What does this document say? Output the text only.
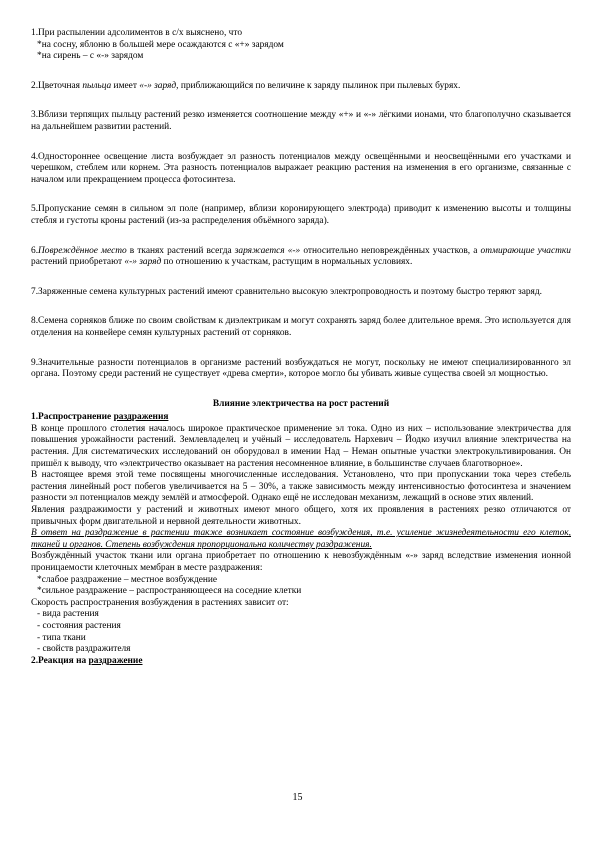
1.При распылении адсолиментов в с/х выяснено, что
*на сосну, яблоню в большей мере осаждаются с «+» зарядом
*на сирень – с «-» зарядом
2.Цветочная пыльца имеет «-» заряд, приближающийся по величине к заряду пылинок при пылевых бурях.
3.Вблизи терпящих пыльцу растений резко изменяется соотношение между «+» и «-» лёгкими ионами, что благополучно сказывается на дальнейшем развитии растений.
4.Одностороннее освещение листа возбуждает эл разность потенциалов между освещёнными и неосвещёнными его участками и черешком, стеблем или корнем. Эта разность потенциалов выражает реакцию растения на изменения в его организме, связанные с началом или прекращением процесса фотосинтеза.
5.Пропускание семян в сильном эл поле (например, вблизи коронирующего электрода) приводит к изменению высоты и толщины стебля и густоты кроны растений (из-за распределения объёмного заряда).
6.Повреждённое место в тканях растений всегда заряжается «-» относительно неповреждённых участков, а отмирающие участки растений приобретают «-» заряд по отношению к участкам, растущим в нормальных условиях.
7.Заряженные семена культурных растений имеют сравнительно высокую электропроводность и поэтому быстро теряют заряд.
8.Семена сорняков ближе по своим свойствам к диэлектрикам и могут сохранять заряд более длительное время. Это используется для отделения на конвейере семян культурных растений от сорняков.
9.Значительные разности потенциалов в организме растений возбуждаться не могут, поскольку не имеют специализированного эл органа. Поэтому среди растений не существует «древа смерти», которое могло бы убивать живые существа своей эл мощностью.
Влияние электричества на рост растений
1.Распространение раздражения
В конце прошлого столетия началось широкое практическое применение эл тока. Одно из них – использование электричества для повышения урожайности растений. Землевладелец и учёный – исследователь Нархевич – Йодко изучил влияние электричества на растения. Для систематических исследований он оборудовал в имении Над – Неман опытные участки электрокультивирования. Он пришёл к выводу, что «электричество оказывает на растения несомненное влияние, в большинстве случаев благотворное».
В настоящее время этой теме посвящены многочисленные исследования. Установлено, что при пропускании тока через стебель растения линейный рост побегов увеличивается на 5 – 30%, а также зависимость между интенсивностью фотосинтеза и значением разности эл потенциалов между землёй и атмосферой. Однако ещё не исследован механизм, лежащий в основе этих явлений.
Явления раздражимости у растений и животных имеют много общего, хотя их проявления в растениях резко отличаются от привычных форм двигательной и нервной деятельности животных.
В ответ на раздражение в растении также возникает состояние возбуждения, т.е. усиление жизнедеятельности его клеток, тканей и органов. Степень возбуждения пропорциональна количеству раздражения.
Возбуждённый участок ткани или органа приобретает по отношению к невозбуждённым «-» заряд вследствие изменения ионной проницаемости клеточных мембран в месте раздражения:
*слабое раздражение – местное возбуждение
*сильное раздражение – распространяющееся на соседние клетки
Скорость распространения возбуждения в растениях зависит от:
- вида растения
- состояния растения
- типа ткани
- свойств раздражителя
2.Реакция на раздражение
15
